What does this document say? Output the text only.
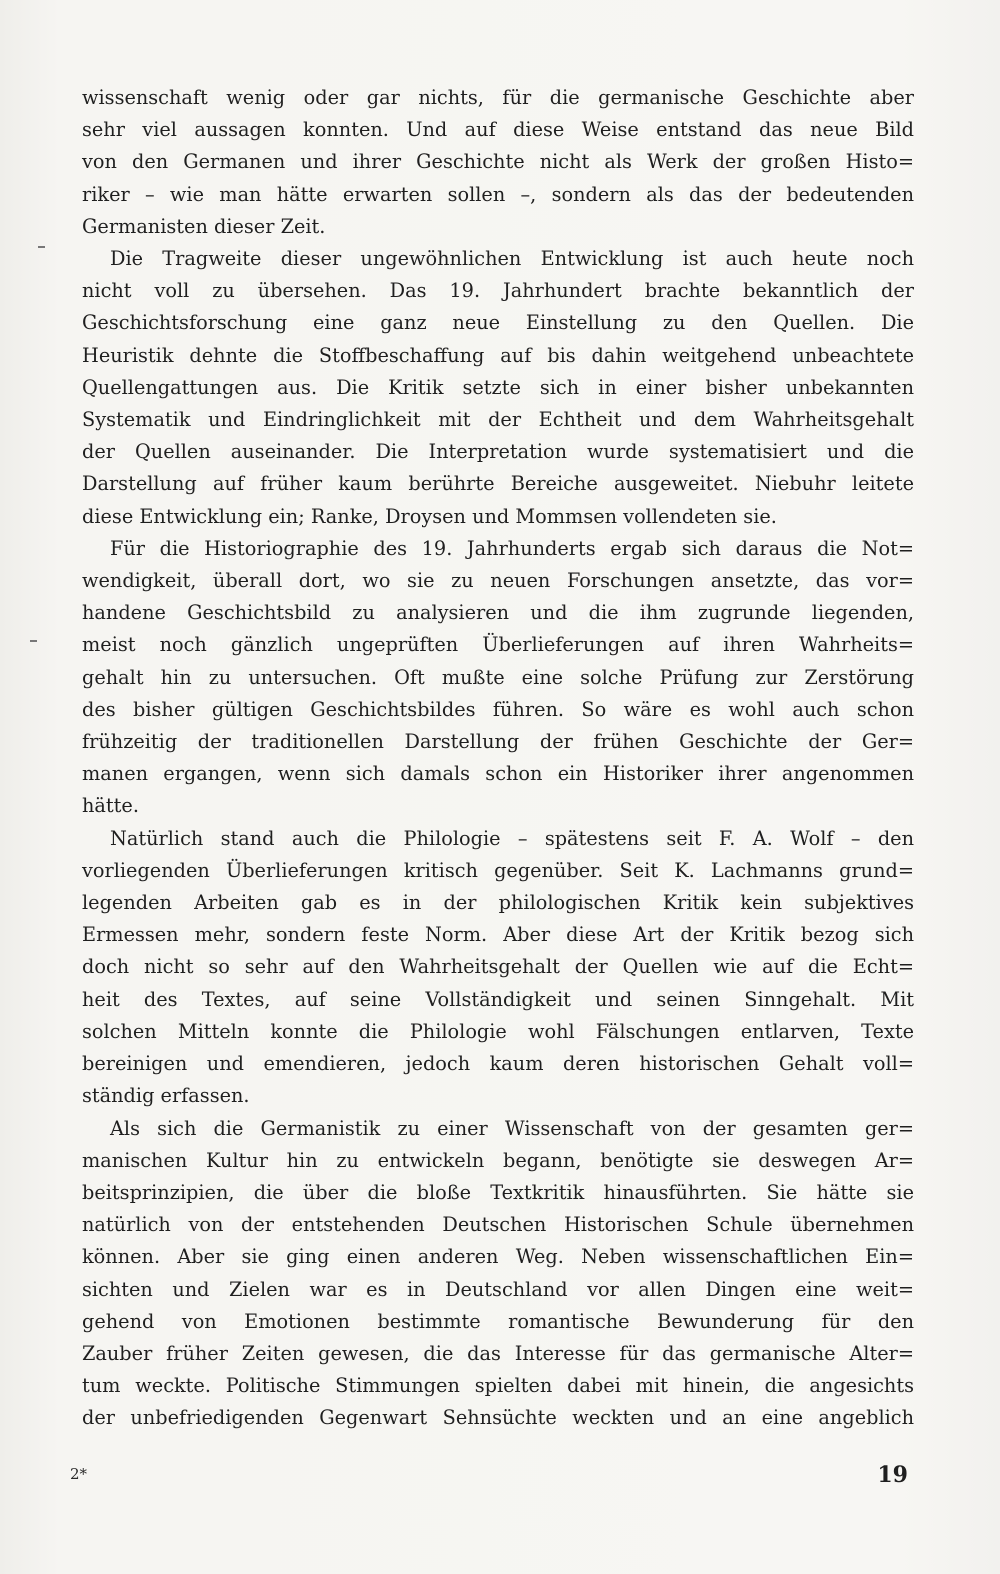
wissenschaft wenig oder gar nichts, für die germanische Geschichte aber
sehr viel aussagen konnten. Und auf diese Weise entstand das neue Bild
von den Germanen und ihrer Geschichte nicht als Werk der großen Histo=
riker – wie man hätte erwarten sollen –, sondern als das der bedeutenden
Germanisten dieser Zeit.
Die Tragweite dieser ungewöhnlichen Entwicklung ist auch heute noch
nicht voll zu übersehen. Das 19. Jahrhundert brachte bekanntlich der
Geschichtsforschung eine ganz neue Einstellung zu den Quellen. Die
Heuristik dehnte die Stoffbeschaffung auf bis dahin weitgehend unbeachtete
Quellengattungen aus. Die Kritik setzte sich in einer bisher unbekannten
Systematik und Eindringlichkeit mit der Echtheit und dem Wahrheitsgehalt
der Quellen auseinander. Die Interpretation wurde systematisiert und die
Darstellung auf früher kaum berührte Bereiche ausgeweitet. Niebuhr leitete
diese Entwicklung ein; Ranke, Droysen und Mommsen vollendeten sie.
Für die Historiographie des 19. Jahrhunderts ergab sich daraus die Not=
wendigkeit, überall dort, wo sie zu neuen Forschungen ansetzte, das vor=
handene Geschichtsbild zu analysieren und die ihm zugrunde liegenden,
meist noch gänzlich ungeprüften Überlieferungen auf ihren Wahrheits=
gehalt hin zu untersuchen. Oft mußte eine solche Prüfung zur Zerstörung
des bisher gültigen Geschichtsbildes führen. So wäre es wohl auch schon
frühzeitig der traditionellen Darstellung der frühen Geschichte der Ger=
manen ergangen, wenn sich damals schon ein Historiker ihrer angenommen
hätte.
Natürlich stand auch die Philologie – spätestens seit F. A. Wolf – den
vorliegenden Überlieferungen kritisch gegenüber. Seit K. Lachmanns grund=
legenden Arbeiten gab es in der philologischen Kritik kein subjektives
Ermessen mehr, sondern feste Norm. Aber diese Art der Kritik bezog sich
doch nicht so sehr auf den Wahrheitsgehalt der Quellen wie auf die Echt=
heit des Textes, auf seine Vollständigkeit und seinen Sinngehalt. Mit
solchen Mitteln konnte die Philologie wohl Fälschungen entlarven, Texte
bereinigen und emendieren, jedoch kaum deren historischen Gehalt voll=
ständig erfassen.
Als sich die Germanistik zu einer Wissenschaft von der gesamten ger=
manischen Kultur hin zu entwickeln begann, benötigte sie deswegen Ar=
beitsprinzipien, die über die bloße Textkritik hinausführten. Sie hätte sie
natürlich von der entstehenden Deutschen Historischen Schule übernehmen
können. Aber sie ging einen anderen Weg. Neben wissenschaftlichen Ein=
sichten und Zielen war es in Deutschland vor allen Dingen eine weit=
gehend von Emotionen bestimmte romantische Bewunderung für den
Zauber früher Zeiten gewesen, die das Interesse für das germanische Alter=
tum weckte. Politische Stimmungen spielten dabei mit hinein, die angesichts
der unbefriedigenden Gegenwart Sehnsüchte weckten und an eine angeblich
2*	19
